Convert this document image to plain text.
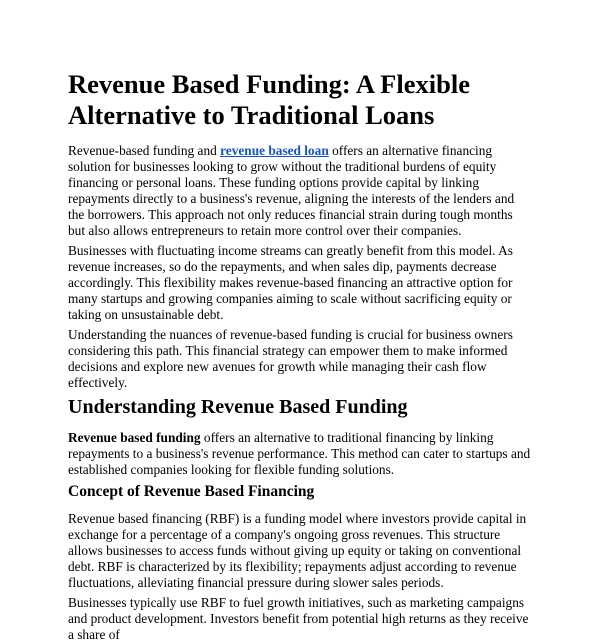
Revenue Based Funding: A Flexible Alternative to Traditional Loans

Revenue-based funding and revenue based loan offers an alternative financing solution for businesses looking to grow without the traditional burdens of equity financing or personal loans. These funding options provide capital by linking repayments directly to a business's revenue, aligning the interests of the lenders and the borrowers. This approach not only reduces financial strain during tough months but also allows entrepreneurs to retain more control over their companies.

Businesses with fluctuating income streams can greatly benefit from this model. As revenue increases, so do the repayments, and when sales dip, payments decrease accordingly. This flexibility makes revenue-based financing an attractive option for many startups and growing companies aiming to scale without sacrificing equity or taking on unsustainable debt.

Understanding the nuances of revenue-based funding is crucial for business owners considering this path. This financial strategy can empower them to make informed decisions and explore new avenues for growth while managing their cash flow effectively.

Understanding Revenue Based Funding

Revenue based funding offers an alternative to traditional financing by linking repayments to a business's revenue performance. This method can cater to startups and established companies looking for flexible funding solutions.

Concept of Revenue Based Financing

Revenue based financing (RBF) is a funding model where investors provide capital in exchange for a percentage of a company's ongoing gross revenues. This structure allows businesses to access funds without giving up equity or taking on conventional debt. RBF is characterized by its flexibility; repayments adjust according to revenue fluctuations, alleviating financial pressure during slower sales periods.

Businesses typically use RBF to fuel growth initiatives, such as marketing campaigns and product development. Investors benefit from potential high returns as they receive a share of
